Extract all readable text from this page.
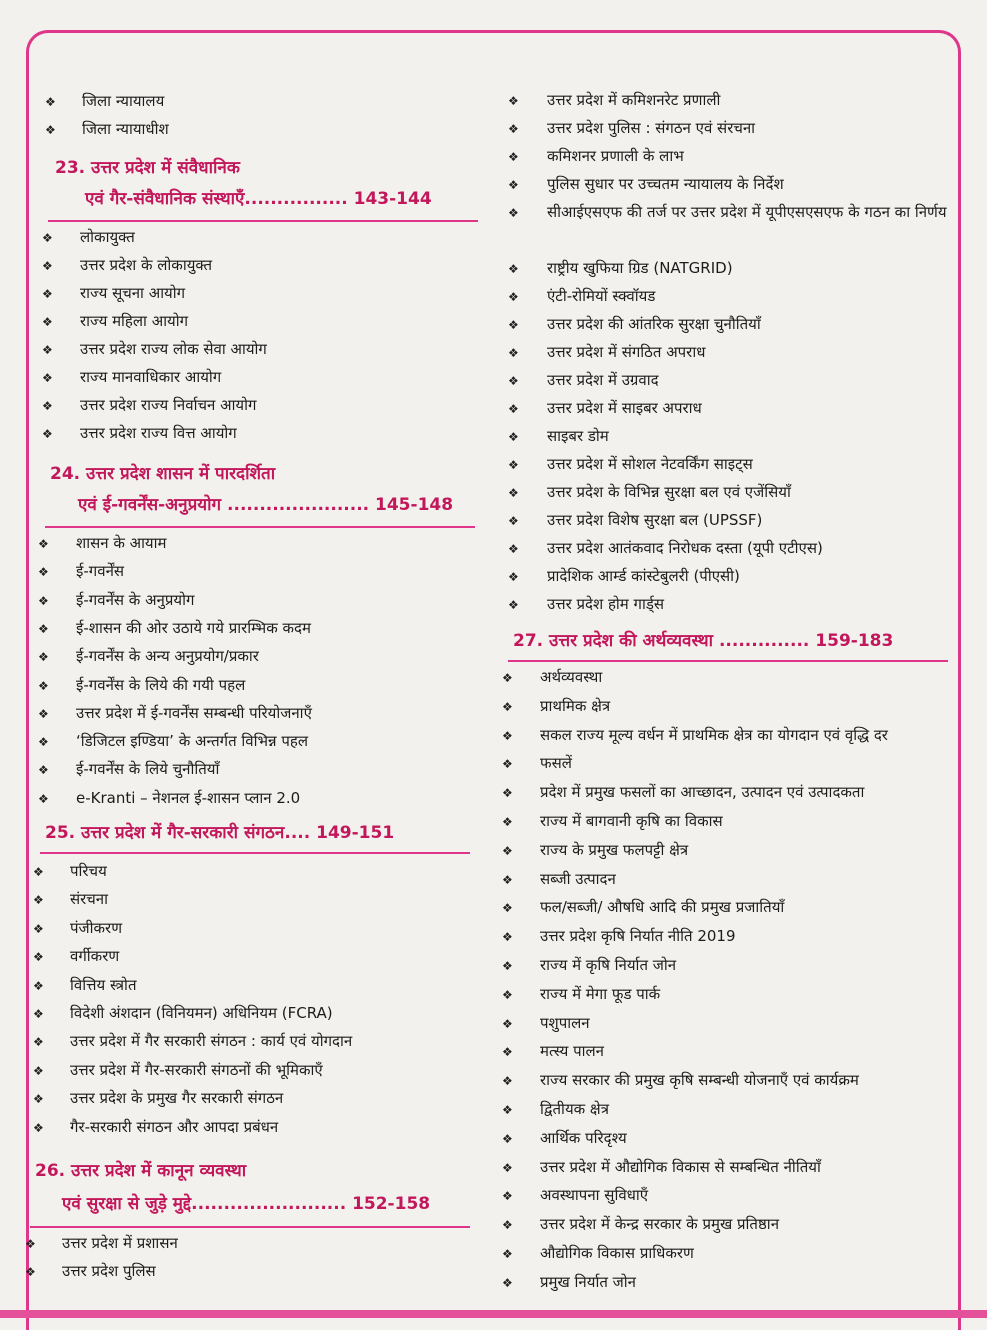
❖ जिला न्यायालय
❖ जिला न्यायाधीश
23. उत्तर प्रदेश में संवैधानिक
एवं गैर-संवैधानिक संस्थाएँ................ 143-144
❖ लोकायुक्त
❖ उत्तर प्रदेश के लोकायुक्त
❖ राज्य सूचना आयोग
❖ राज्य महिला आयोग
❖ उत्तर प्रदेश राज्य लोक सेवा आयोग
❖ राज्य मानवाधिकार आयोग
❖ उत्तर प्रदेश राज्य निर्वाचन आयोग
❖ उत्तर प्रदेश राज्य वित्त आयोग
24. उत्तर प्रदेश शासन में पारदर्शिता
एवं ई-गवर्नेंस-अनुप्रयोग ...................... 145-148
❖ शासन के आयाम
❖ ई-गवर्नेंस
❖ ई-गवर्नेंस के अनुप्रयोग
❖ ई-शासन की ओर उठाये गये प्रारम्भिक कदम
❖ ई-गवर्नेंस के अन्य अनुप्रयोग/प्रकार
❖ ई-गवर्नेंस के लिये की गयी पहल
❖ उत्तर प्रदेश में ई-गवर्नेंस सम्बन्धी परियोजनाएँ
❖ ‘डिजिटल इण्डिया’ के अन्तर्गत विभिन्न पहल
❖ ई-गवर्नेंस के लिये चुनौतियाँ
❖ e-Kranti – नेशनल ई-शासन प्लान 2.0
25. उत्तर प्रदेश में गैर-सरकारी संगठन.... 149-151
❖ परिचय
❖ संरचना
❖ पंजीकरण
❖ वर्गीकरण
❖ वित्तिय स्त्रोत
❖ विदेशी अंशदान (विनियमन) अधिनियम (FCRA)
❖ उत्तर प्रदेश में गैर सरकारी संगठन : कार्य एवं योगदान
❖ उत्तर प्रदेश में गैर-सरकारी संगठनों की भूमिकाएँ
❖ उत्तर प्रदेश के प्रमुख गैर सरकारी संगठन
❖ गैर-सरकारी संगठन और आपदा प्रबंधन
26. उत्तर प्रदेश में कानून व्यवस्था
एवं सुरक्षा से जुड़े मुद्दे........................ 152-158
❖ उत्तर प्रदेश में प्रशासन
❖ उत्तर प्रदेश पुलिस
❖ उत्तर प्रदेश में कमिशनरेट प्रणाली
❖ उत्तर प्रदेश पुलिस : संगठन एवं संरचना
❖ कमिशनर प्रणाली के लाभ
❖ पुलिस सुधार पर उच्चतम न्यायालय के निर्देश
❖ सीआईएसएफ की तर्ज पर उत्तर प्रदेश में यूपीएसएसएफ के गठन का निर्णय
❖ राष्ट्रीय खुफिया ग्रिड (NATGRID)
❖ एंटी-रोमियों स्क्वॉयड
❖ उत्तर प्रदेश की आंतरिक सुरक्षा चुनौतियाँ
❖ उत्तर प्रदेश में संगठित अपराध
❖ उत्तर प्रदेश में उग्रवाद
❖ उत्तर प्रदेश में साइबर अपराध
❖ साइबर डोम
❖ उत्तर प्रदेश में सोशल नेटवर्किंग साइट्स
❖ उत्तर प्रदेश के विभिन्न सुरक्षा बल एवं एजेंसियाँ
❖ उत्तर प्रदेश विशेष सुरक्षा बल (UPSSF)
❖ उत्तर प्रदेश आतंकवाद निरोधक दस्ता (यूपी एटीएस)
❖ प्रादेशिक आर्म्ड कांस्टेबुलरी (पीएसी)
❖ उत्तर प्रदेश होम गार्ड्स
27. उत्तर प्रदेश की अर्थव्यवस्था .............. 159-183
❖ अर्थव्यवस्था
❖ प्राथमिक क्षेत्र
❖ सकल राज्य मूल्य वर्धन में प्राथमिक क्षेत्र का योगदान एवं वृद्धि दर
❖ फसलें
❖ प्रदेश में प्रमुख फसलों का आच्छादन, उत्पादन एवं उत्पादकता
❖ राज्य में बागवानी कृषि का विकास
❖ राज्य के प्रमुख फलपट्टी क्षेत्र
❖ सब्जी उत्पादन
❖ फल/सब्जी/ औषधि आदि की प्रमुख प्रजातियाँ
❖ उत्तर प्रदेश कृषि निर्यात नीति 2019
❖ राज्य में कृषि निर्यात जोन
❖ राज्य में मेगा फूड पार्क
❖ पशुपालन
❖ मत्स्य पालन
❖ राज्य सरकार की प्रमुख कृषि सम्बन्धी योजनाएँ एवं कार्यक्रम
❖ द्वितीयक क्षेत्र
❖ आर्थिक परिदृश्य
❖ उत्तर प्रदेश में औद्योगिक विकास से सम्बन्धित नीतियाँ
❖ अवस्थापना सुविधाएँ
❖ उत्तर प्रदेश में केन्द्र सरकार के प्रमुख प्रतिष्ठान
❖ औद्योगिक विकास प्राधिकरण
❖ प्रमुख निर्यात जोन
